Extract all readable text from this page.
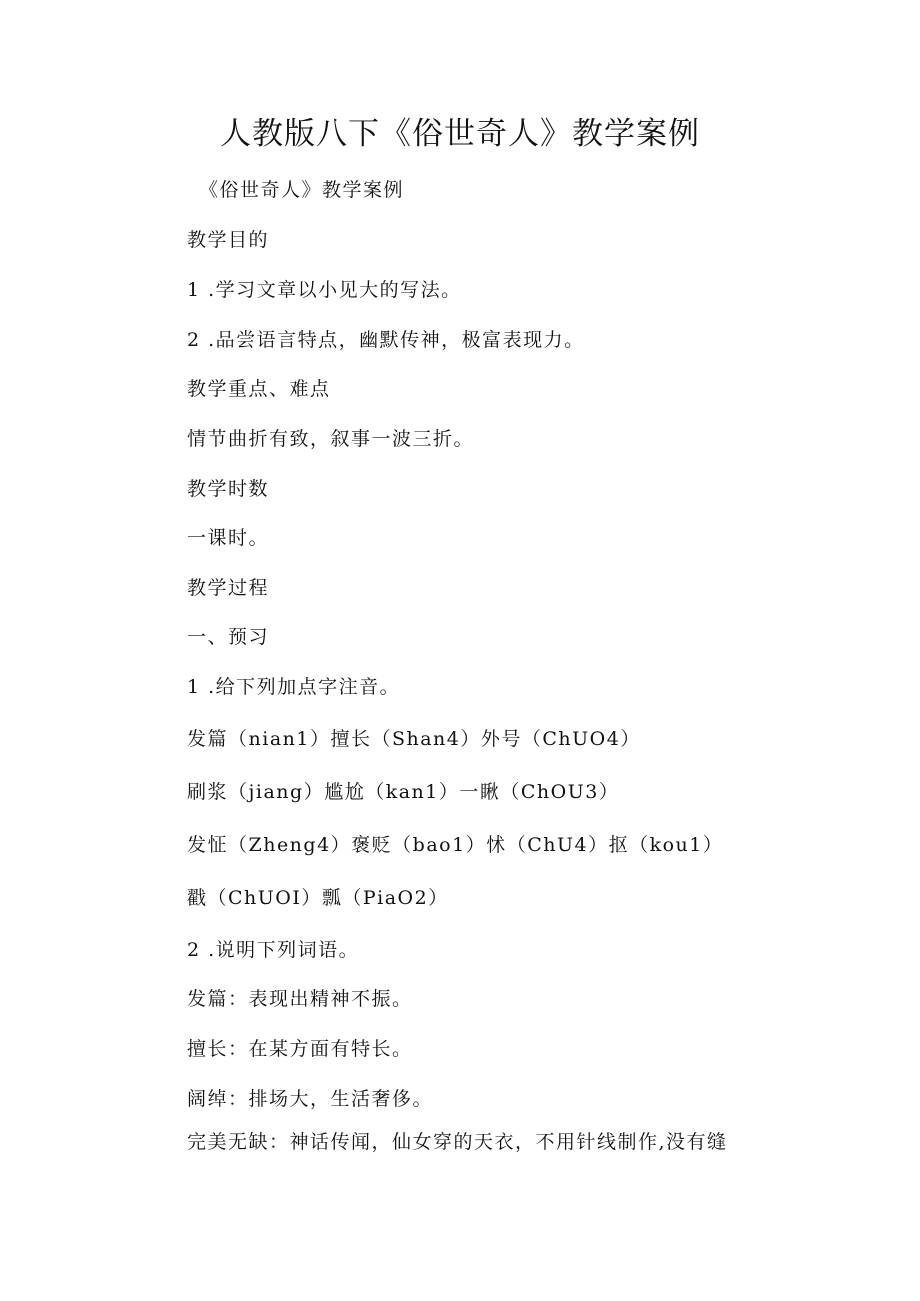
人教版八下《俗世奇人》教学案例
《俗世奇人》教学案例
教学目的
1 .学习文章以小见大的写法。
2 .品尝语言特点，幽默传神，极富表现力。
教学重点、难点
情节曲折有致，叙事一波三折。
教学时数
一课时。
教学过程
一、预习
1 .给下列加点字注音。
发篇（nian1）擅长（Shan4）外号（ChUO4）
刷浆（jiang）尴尬（kan1）一瞅（ChOU3）
发怔（Zheng4）褒贬（bao1）怵（ChU4）抠（kou1）
戳（ChUOI）瓢（PiaO2）
2 .说明下列词语。
发篇：表现出精神不振。
擅长：在某方面有特长。
阔绰：排场大，生活奢侈。
完美无缺：神话传闻，仙女穿的天衣，不用针线制作,没有缝
